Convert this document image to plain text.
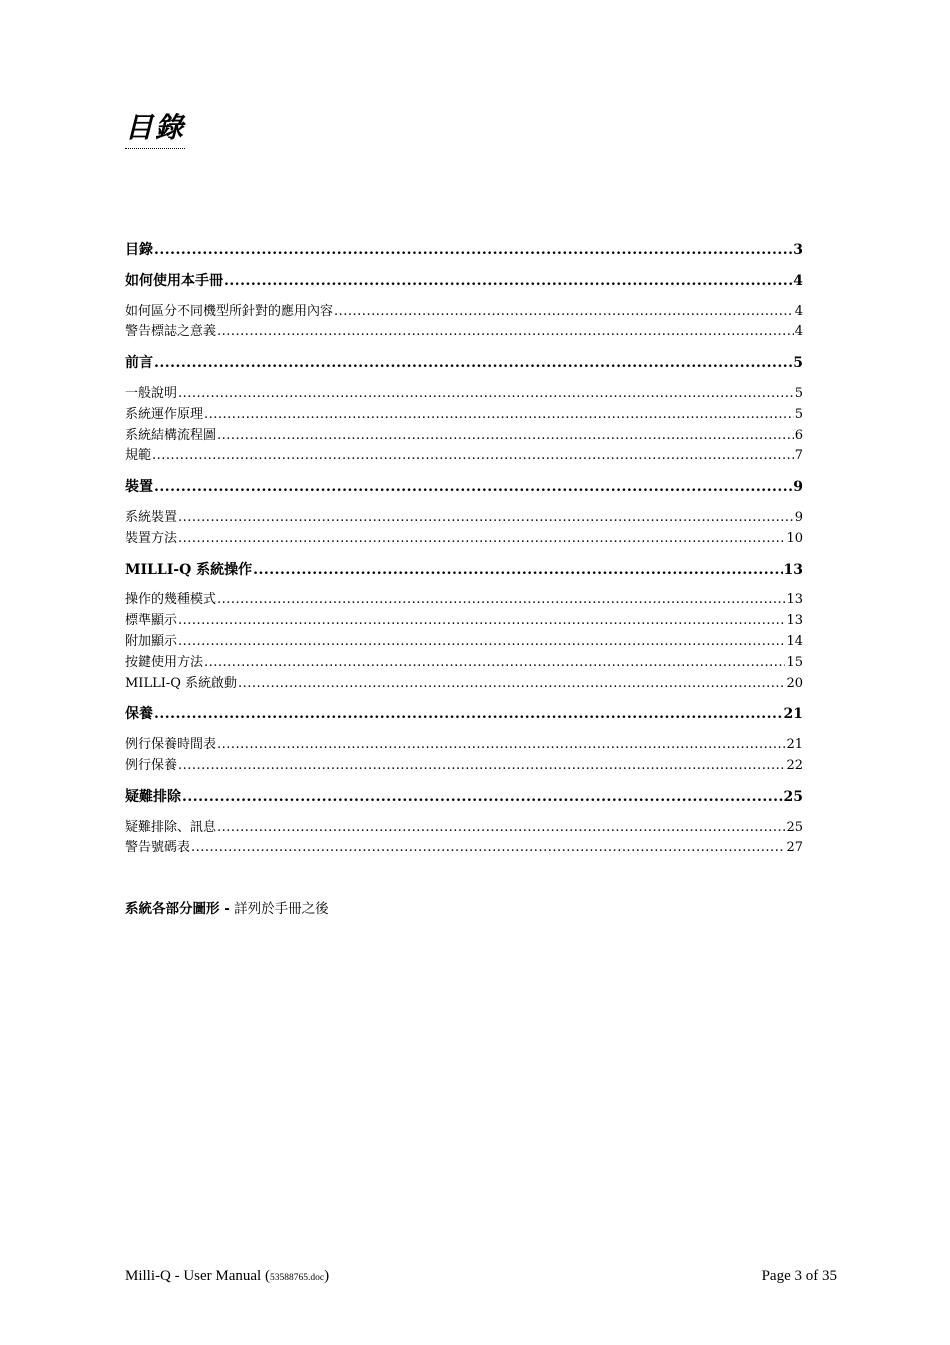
目錄
目錄 .....	3
如何使用本手冊 .....	4
如何區分不同機型所針對的應用內容 .....	4
警告標誌之意義 .....	4
前言 .....	5
一般說明 .....	5
系統運作原理 .....	5
系統結構流程圖 .....	6
規範 .....	7
裝置 .....	9
系統裝置 .....	9
裝置方法 .....	10
MILLI-Q 系統操作 .....	13
操作的幾種模式 .....	13
標準顯示 .....	13
附加顯示 .....	14
按鍵使用方法 .....	15
MILLI-Q 系統啟動 .....	20
保養 .....	21
例行保養時間表 .....	21
例行保養 .....	22
疑難排除 .....	25
疑難排除、訊息 .....	25
警告號碼表 .....	27
系統各部分圖形 - 詳列於手冊之後
Milli-Q - User Manual (53588765.doc)	Page 3 of 35
